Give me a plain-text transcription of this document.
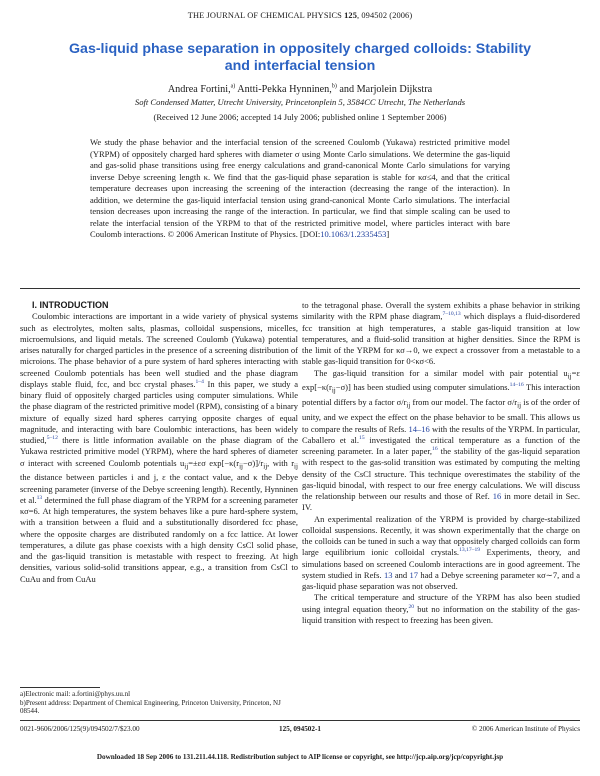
THE JOURNAL OF CHEMICAL PHYSICS 125, 094502 (2006)
Gas-liquid phase separation in oppositely charged colloids: Stability and interfacial tension
Andrea Fortini,$^{a)}$ Antti-Pekka Hynninen,$^{b)}$ and Marjolein Dijkstra
Soft Condensed Matter, Utrecht University, Princetonplein 5, 3584CC Utrecht, The Netherlands
(Received 12 June 2006; accepted 14 July 2006; published online 1 September 2006)

We study the phase behavior and the interfacial tension of the screened Coulomb (Yukawa) restricted primitive model (YRPM) of oppositely charged hard spheres with diameter σ using Monte Carlo simulations. We determine the gas-liquid and gas-solid phase transitions using free energy calculations and grand-canonical Monte Carlo simulations for varying inverse Debye screening length κ. We find that the gas-liquid phase separation is stable for κσ≤4, and that the critical temperature decreases upon increasing the screening of the interaction (decreasing the range of the interaction). In addition, we determine the gas-liquid interfacial tension using grand-canonical Monte Carlo simulations. The interfacial tension decreases upon increasing the range of the interaction. In particular, we find that simple scaling can be used to relate the interfacial tension of the YRPM to that of the restricted primitive model, where particles interact with bare Coulomb interactions. © 2006 American Institute of Physics. [DOI:10.1063/1.2335453]

I. INTRODUCTION

Coulombic interactions are important in a wide variety of physical systems such as electrolytes, molten salts, plasmas, colloidal suspensions, micelles, microemulsions, and liquid metals. The screened Coulomb (Yukawa) potential arises naturally for charged particles in the presence of a screening distribution of microions. The phase behavior of a pure system of hard spheres interacting with screened Coulomb potentials has been well studied and the phase diagram displays stable fluid, fcc, and bcc crystal phases.$^{1-4}$ In this paper, we study a binary fluid of oppositely charged particles using computer simulations. While the phase diagram of the restricted primitive model (RPM), consisting of a binary mixture of equally sized hard spheres carrying opposite charges of equal magnitude, and interacting with bare Coulombic interactions, has been widely studied,$^{5-12}$ there is little information available on the phase diagram of the Yukawa restricted primitive model (YRPM), where the hard spheres of diameter σ interact with screened Coulomb potentials $u_{ij}=\pm\varepsilon\sigma$ $\exp[-\kappa(r_{ij}-\sigma)]/r_{ij}$, with $r_{ij}$ the distance between particles i and j, ε the contact value, and κ the Debye screening parameter (inverse of the Debye screening length). Recently, Hynninen et al.$^{13}$ determined the full phase diagram of the YRPM for a screening parameter κσ=6. At high temperatures, the system behaves like a pure hard-sphere system, with a transition between a fluid and a substitutionally disordered fcc phase, where the opposite charges are distributed randomly on a fcc lattice. At lower temperatures, a dilute gas phase coexists with a high density CsCl solid phase, and the gas-liquid transition is metastable with respect to freezing. At high densities, various solid-solid transitions appear, e.g., a transition from CsCl to CuAu and from CuAu

to the tetragonal phase. Overall the system exhibits a phase behavior in striking similarity with the RPM phase diagram,$^{7-10,13}$ which displays a fluid-disordered fcc transition at high temperatures, a stable gas-liquid transition at low temperatures, and a fluid-solid transition at higher densities. Since the RPM is the limit of the YRPM for κσ→0, we expect a crossover from a metastable to a stable gas-liquid transition for 0<κσ<6.

The gas-liquid transition for a similar model with pair potential $u_{ij}=\varepsilon$ $\exp[-\kappa(r_{ij}-\sigma)]$ has been studied using computer simulations.$^{14-16}$ This interaction potential differs by a factor $\sigma/r_{ij}$ from our model. The factor $\sigma/r_{ij}$ is of the order of unity, and we expect the effect on the phase behavior to be small. This allows us to compare the results of Refs. 14–16 with the results of the YRPM. In particular, Caballero et al.$^{15}$ investigated the critical temperature as a function of the screening parameter. In a later paper,$^{16}$ the stability of the gas-liquid separation with respect to the gas-solid transition was estimated by computing the melting density of the CsCl structure. This technique overestimates the stability of the gas-liquid binodal, with respect to our free energy calculations. We will discuss the relationship between our results and those of Ref. 16 in more detail in Sec. IV.

An experimental realization of the YRPM is provided by charge-stabilized colloidal suspensions. Recently, it was shown experimentally that the charge on the colloids can be tuned in such a way that oppositely charged colloids can form large equilibrium ionic colloidal crystals.$^{13,17-19}$ Experiments, theory, and simulations based on screened Coulomb interactions are in good agreement. The system studied in Refs. 13 and 17 had a Debye screening parameter κσ∼7, and a gas-liquid phase separation was not observed.

The critical temperature and structure of the YRPM has also been studied using integral equation theory,$^{20}$ but no information on the stability of the gas-liquid transition with respect to freezing has been given.

a)Electronic mail: a.fortini@phys.uu.nl

b)Present address: Department of Chemical Engineering, Princeton University, Princeton, NJ 08544.

0021-9606/2006/125(9)/094502/7/$23.00	125, 094502-1	© 2006 American Institute of Physics
Downloaded 18 Sep 2006 to 131.211.44.118. Redistribution subject to AIP license or copyright, see http://jcp.aip.org/jcp/copyright.jsp
